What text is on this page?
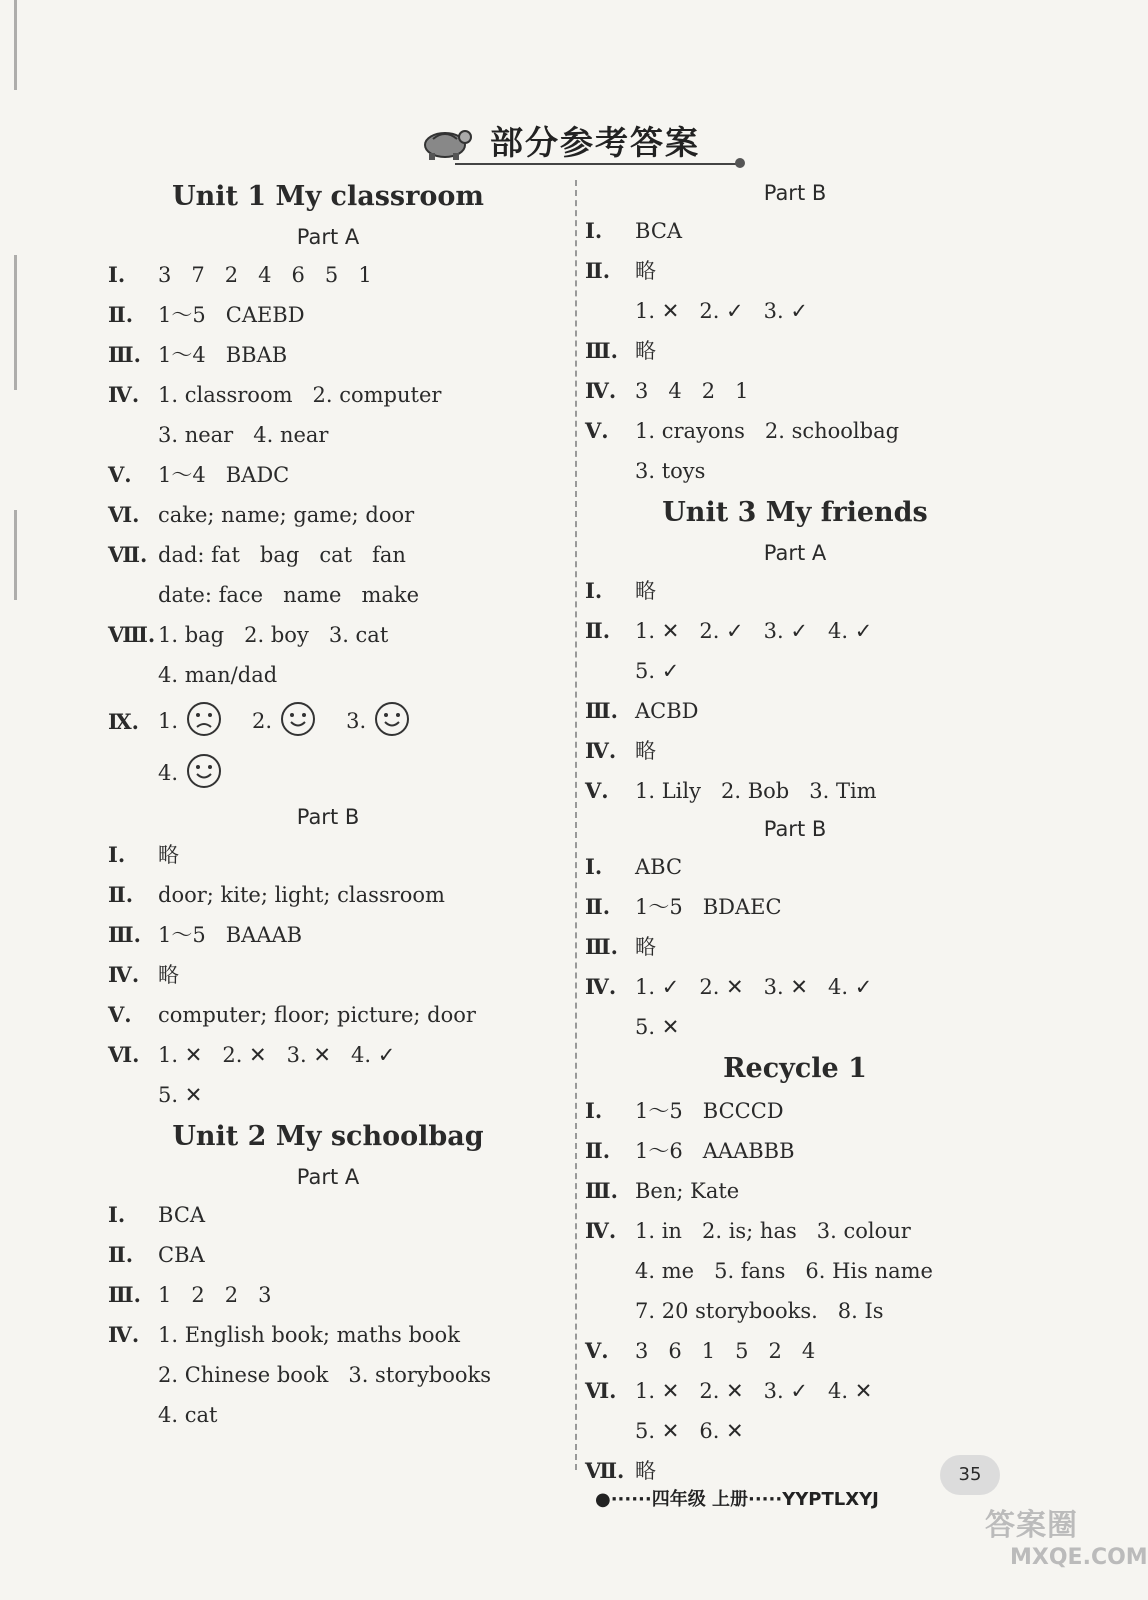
部分参考答案
Unit 1 My classroom
Part A
Ⅰ. 3   7   2   4   6   5   1
Ⅱ. 1～5   CAEBD
Ⅲ. 1～4   BBAB
Ⅳ. 1. classroom   2. computer
3. near   4. near
Ⅴ. 1～4   BADC
Ⅵ. cake; name; game; door
Ⅶ. dad: fat   bag   cat   fan
date: face   name   make
Ⅷ. 1. bag   2. boy   3. cat
4. man/dad
Ⅸ. 1.	2.	3.
4.
Part B
Ⅰ. 略
Ⅱ. door; kite; light; classroom
Ⅲ. 1～5   BAAAB
Ⅳ. 略
Ⅴ. computer; floor; picture; door
Ⅵ. 1. ✕   2. ✕   3. ✕   4. ✓
5. ✕
Unit 2 My schoolbag
Part A
Ⅰ. BCA
Ⅱ. CBA
Ⅲ. 1   2   2   3
Ⅳ. 1. English book; maths book
2. Chinese book   3. storybooks
4. cat
Part B
Ⅰ. BCA
Ⅱ. 略
1. ✕   2. ✓   3. ✓
Ⅲ. 略
Ⅳ. 3   4   2   1
Ⅴ. 1. crayons   2. schoolbag
3. toys
Unit 3 My friends
Part A
Ⅰ. 略
Ⅱ. 1. ✕   2. ✓   3. ✓   4. ✓
5. ✓
Ⅲ. ACBD
Ⅳ. 略
Ⅴ. 1. Lily   2. Bob   3. Tim
Part B
Ⅰ. ABC
Ⅱ. 1～5   BDAEC
Ⅲ. 略
Ⅳ. 1. ✓   2. ✕   3. ✕   4. ✓
5. ✕
Recycle 1
Ⅰ. 1～5   BCCCD
Ⅱ. 1～6   AAABBB
Ⅲ. Ben; Kate
Ⅳ. 1. in   2. is; has   3. colour
4. me   5. fans   6. His name
7. 20 storybooks.   8. Is
Ⅴ. 3   6   1   5   2   4
Ⅵ. 1. ✕   2. ✕   3. ✓   4. ✕
5. ✕   6. ✕
Ⅶ. 略	35
●······四年级 上册·····YYPTLXYJ
答案圈
MXQE.COM
